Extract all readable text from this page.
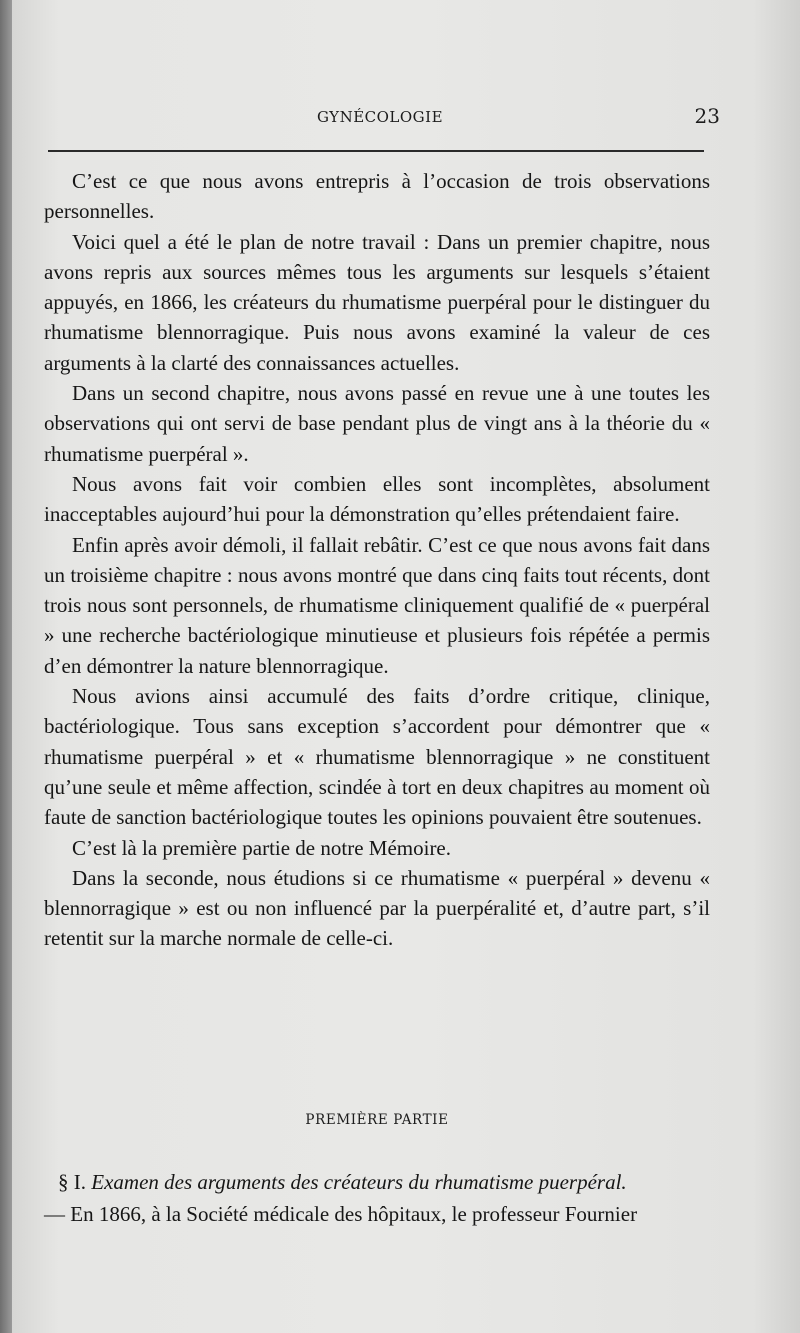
GYNÉCOLOGIE	23

C’est ce que nous avons entrepris à l’occasion de trois observations personnelles.

Voici quel a été le plan de notre travail : Dans un premier chapitre, nous avons repris aux sources mêmes tous les arguments sur lesquels s’étaient appuyés, en 1866, les créateurs du rhumatisme puerpéral pour le distinguer du rhumatisme blennorragique. Puis nous avons examiné la valeur de ces arguments à la clarté des connaissances actuelles.

Dans un second chapitre, nous avons passé en revue une à une toutes les observations qui ont servi de base pendant plus de vingt ans à la théorie du « rhumatisme puerpéral ».

Nous avons fait voir combien elles sont incomplètes, absolument inacceptables aujourd’hui pour la démonstration qu’elles prétendaient faire.

Enfin après avoir démoli, il fallait rebâtir. C’est ce que nous avons fait dans un troisième chapitre : nous avons montré que dans cinq faits tout récents, dont trois nous sont personnels, de rhumatisme cliniquement qualifié de « puerpéral » une recherche bactériologique minutieuse et plusieurs fois répétée a permis d’en démontrer la nature blennorragique.

Nous avions ainsi accumulé des faits d’ordre critique, clinique, bactériologique. Tous sans exception s’accordent pour démontrer que « rhumatisme puerpéral » et « rhumatisme blennorragique » ne constituent qu’une seule et même affection, scindée à tort en deux chapitres au moment où faute de sanction bactériologique toutes les opinions pouvaient être soutenues.

C’est là la première partie de notre Mémoire.

Dans la seconde, nous étudions si ce rhumatisme « puerpéral » devenu « blennorragique » est ou non influencé par la puerpéralité et, d’autre part, s’il retentit sur la marche normale de celle-ci.

PREMIÈRE PARTIE

§ I. Examen des arguments des créateurs du rhumatisme puerpéral.

— En 1866, à la Société médicale des hôpitaux, le professeur Fournier
